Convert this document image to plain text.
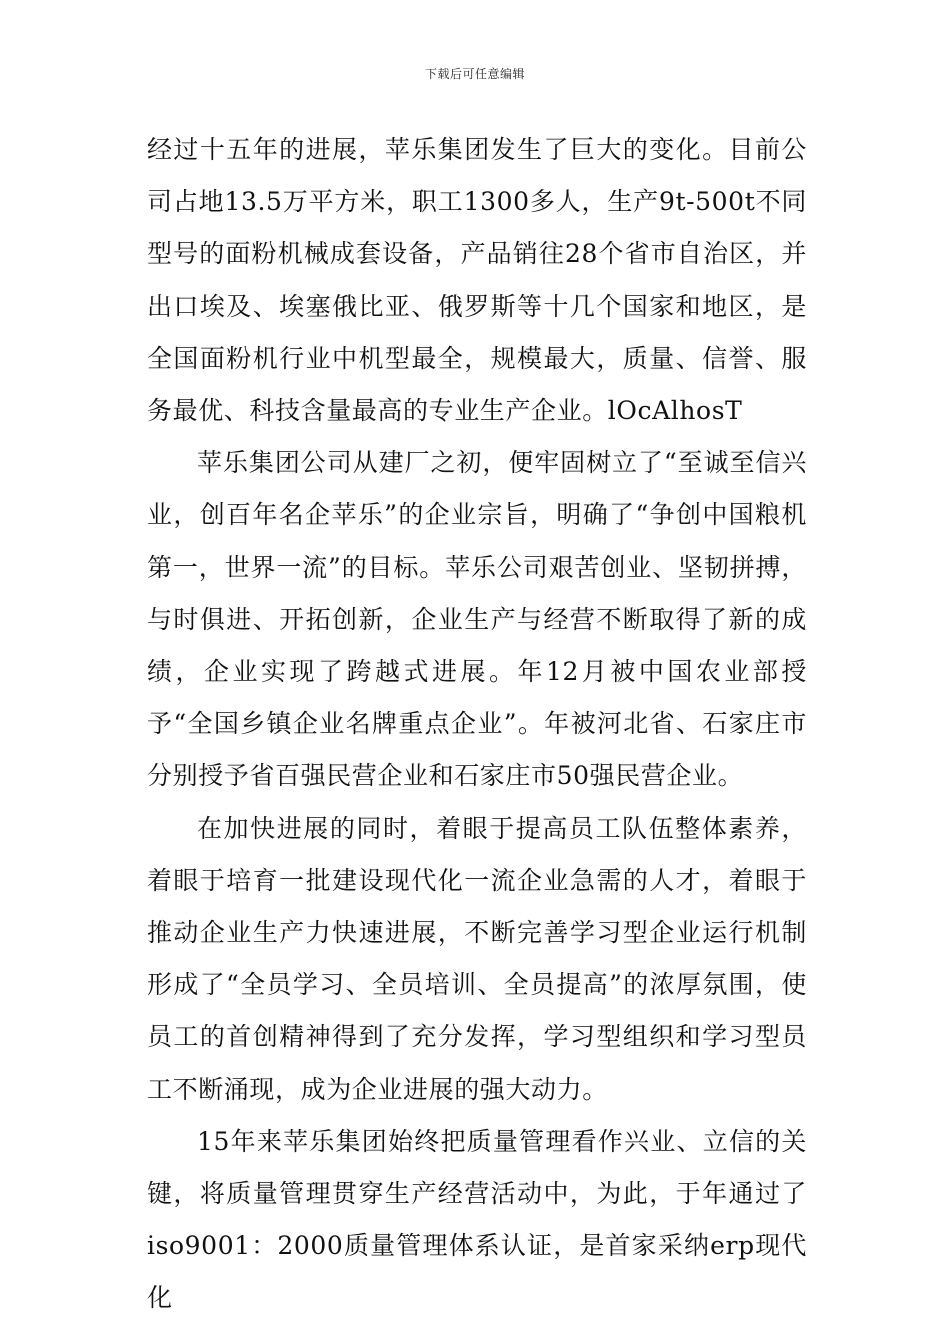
下载后可任意编辑

经过十五年的进展，苹乐集团发生了巨大的变化。目前公司占地13.5万平方米，职工1300多人，生产9t-500t不同型号的面粉机械成套设备，产品销往28个省市自治区，并出口埃及、埃塞俄比亚、俄罗斯等十几个国家和地区，是全国面粉机行业中机型最全，规模最大，质量、信誉、服务最优、科技含量最高的专业生产企业。lOcAlhosT

苹乐集团公司从建厂之初，便牢固树立了“至诚至信兴业，创百年名企苹乐”的企业宗旨，明确了“争创中国粮机第一，世界一流”的目标。苹乐公司艰苦创业、坚韧拼搏，与时俱进、开拓创新，企业生产与经营不断取得了新的成绩，企业实现了跨越式进展。年12月被中国农业部授予“全国乡镇企业名牌重点企业”。年被河北省、石家庄市分别授予省百强民营企业和石家庄市50强民营企业。

在加快进展的同时，着眼于提高员工队伍整体素养，着眼于培育一批建设现代化一流企业急需的人才，着眼于推动企业生产力快速进展，不断完善学习型企业运行机制形成了“全员学习、全员培训、全员提高”的浓厚氛围，使员工的首创精神得到了充分发挥，学习型组织和学习型员工不断涌现，成为企业进展的强大动力。

15年来苹乐集团始终把质量管理看作兴业、立信的关键，将质量管理贯穿生产经营活动中，为此，于年通过了iso9001：2000质量管理体系认证，是首家采纳erp现代化
